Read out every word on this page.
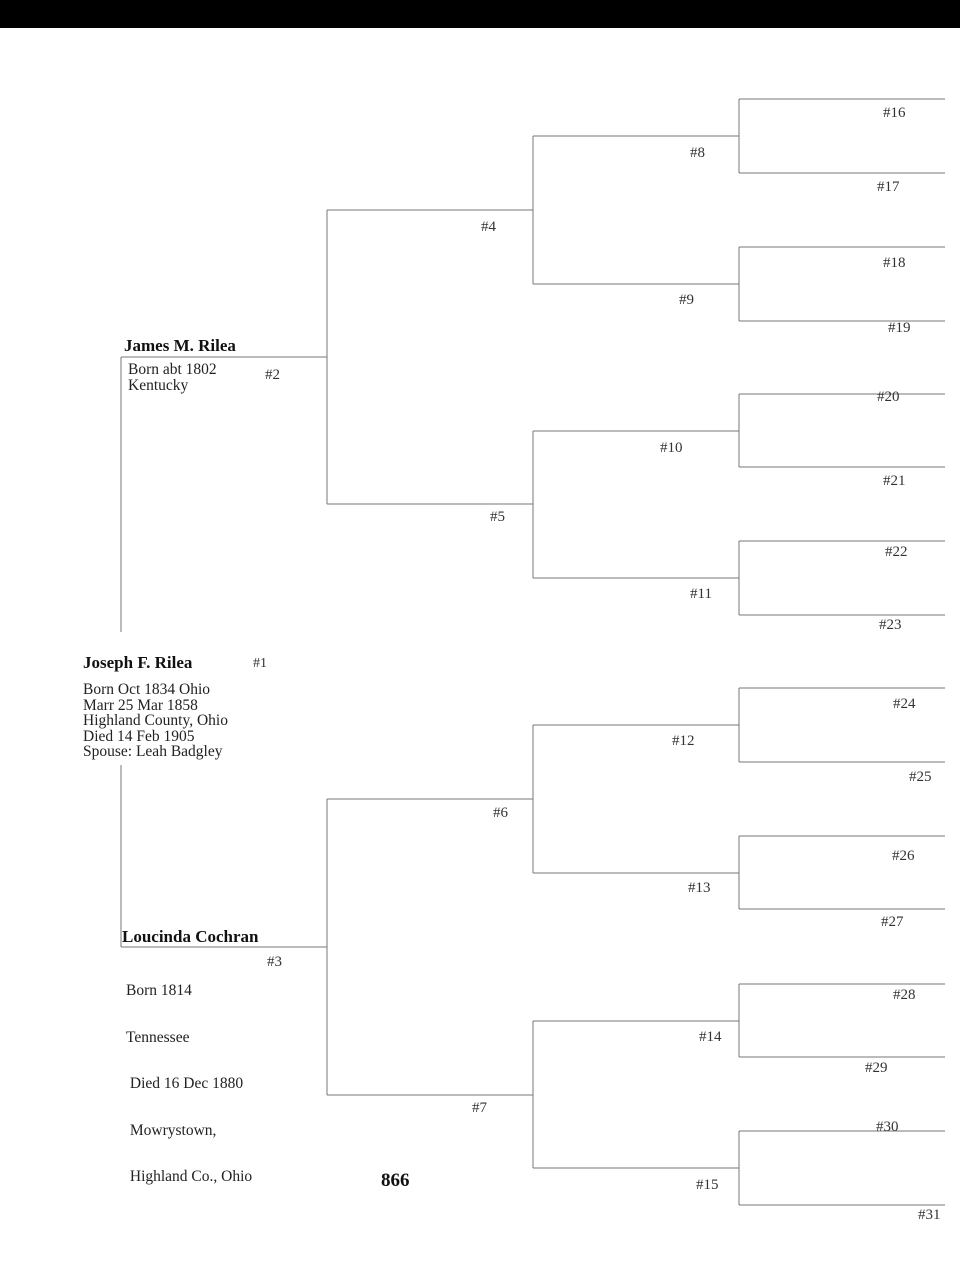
Joseph F. Rilea	#1
Born Oct 1834 Ohio
Marr 25 Mar 1858
Highland County, Ohio
Died 14 Feb 1905
Spouse: Leah Badgley
James M. Rilea
#2
Born abt 1802
Kentucky
Loucinda Cochran
#3

Born 1814

Tennessee

Died 16 Dec 1880

Mowrystown,

Highland Co., Ohio

#4
#5
#6
#7
#8
#9
#10
#11
#12
#13
#14
#15
#16
#17
#18
#19
#20
#21
#22
#23
#24
#25
#26
#27
#28
#29
#30
#31
866
